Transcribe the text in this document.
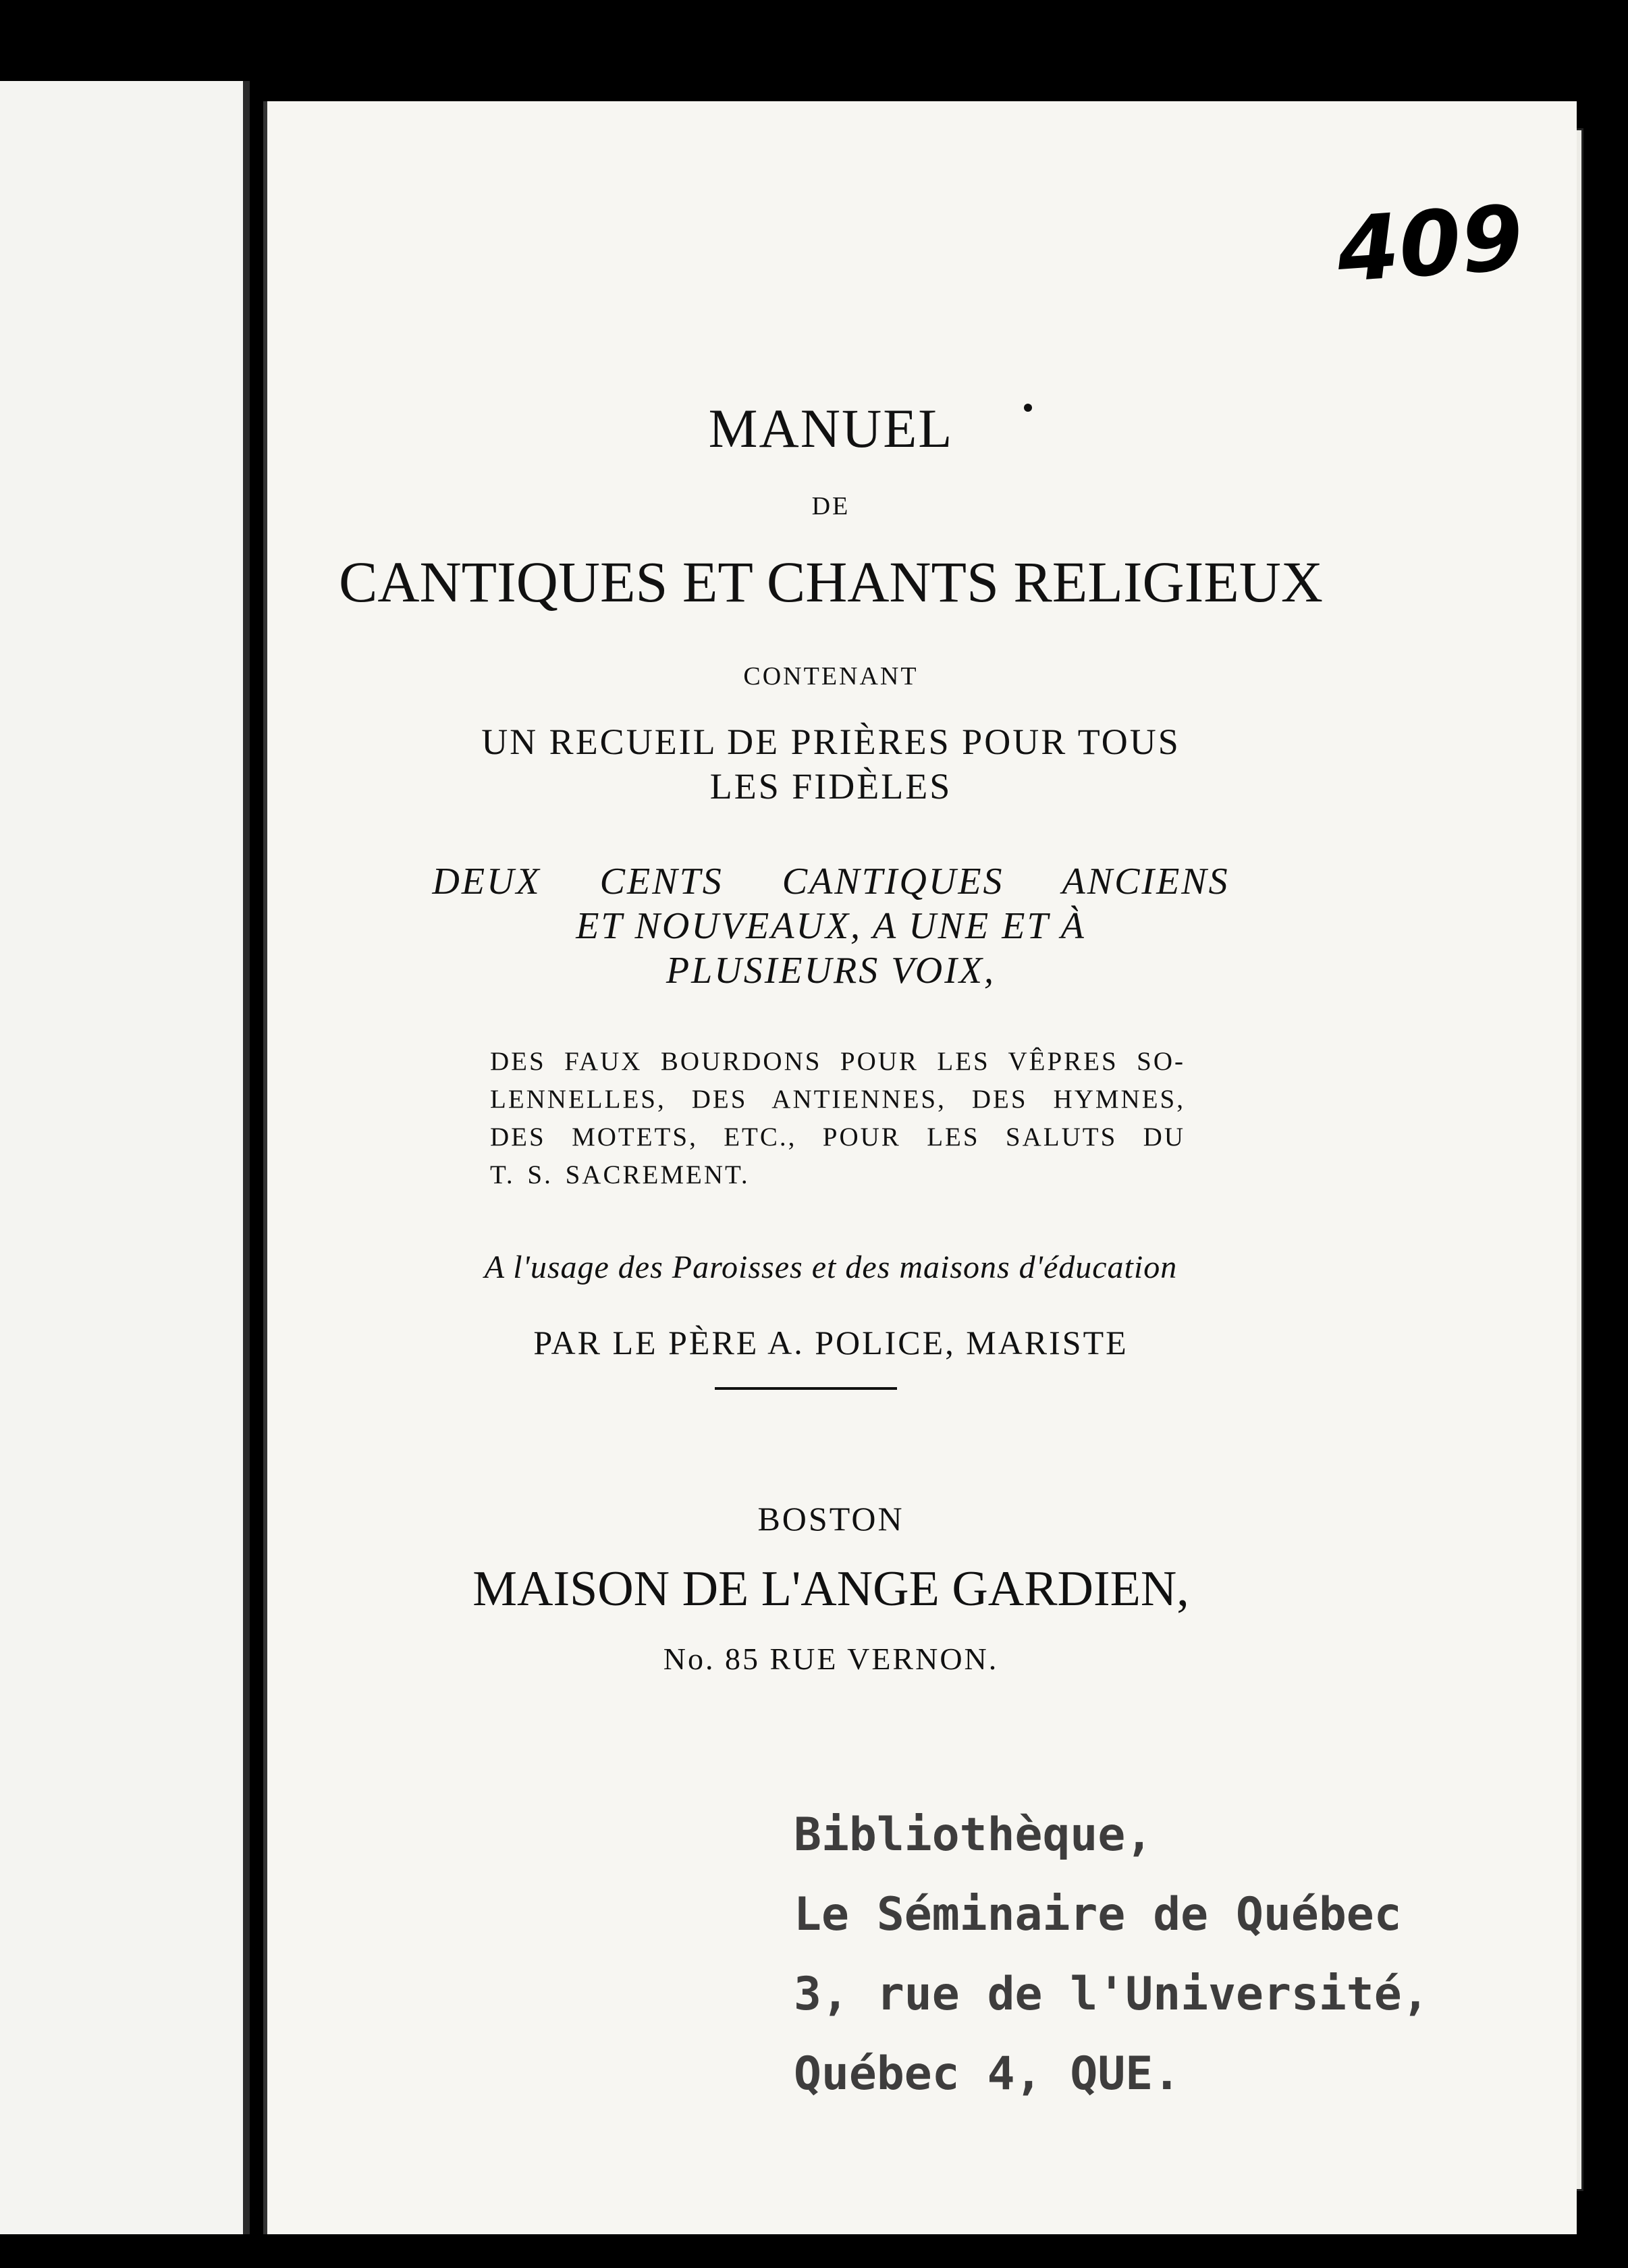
409
MANUEL
DE
CANTIQUES ET CHANTS RELIGIEUX
CONTENANT
UN RECUEIL DE PRIÈRES POUR TOUS
LES FIDÈLES
DEUX CENTS CANTIQUES ANCIENS
ET NOUVEAUX, A UNE ET À
PLUSIEURS VOIX,
DES FAUX BOURDONS POUR LES VÊPRES SO-
LENNELLES, DES ANTIENNES, DES HYMNES,
DES MOTETS, ETC., POUR LES SALUTS DU
T. S. SACREMENT.
A l'usage des Paroisses et des maisons d'éducation
PAR LE PÈRE A. POLICE, MARISTE
BOSTON
MAISON DE L'ANGE GARDIEN,
No. 85 RUE VERNON.
Bibliothèque,
Le Séminaire de Québec
3, rue de l'Université,
Québec 4, QUE.
